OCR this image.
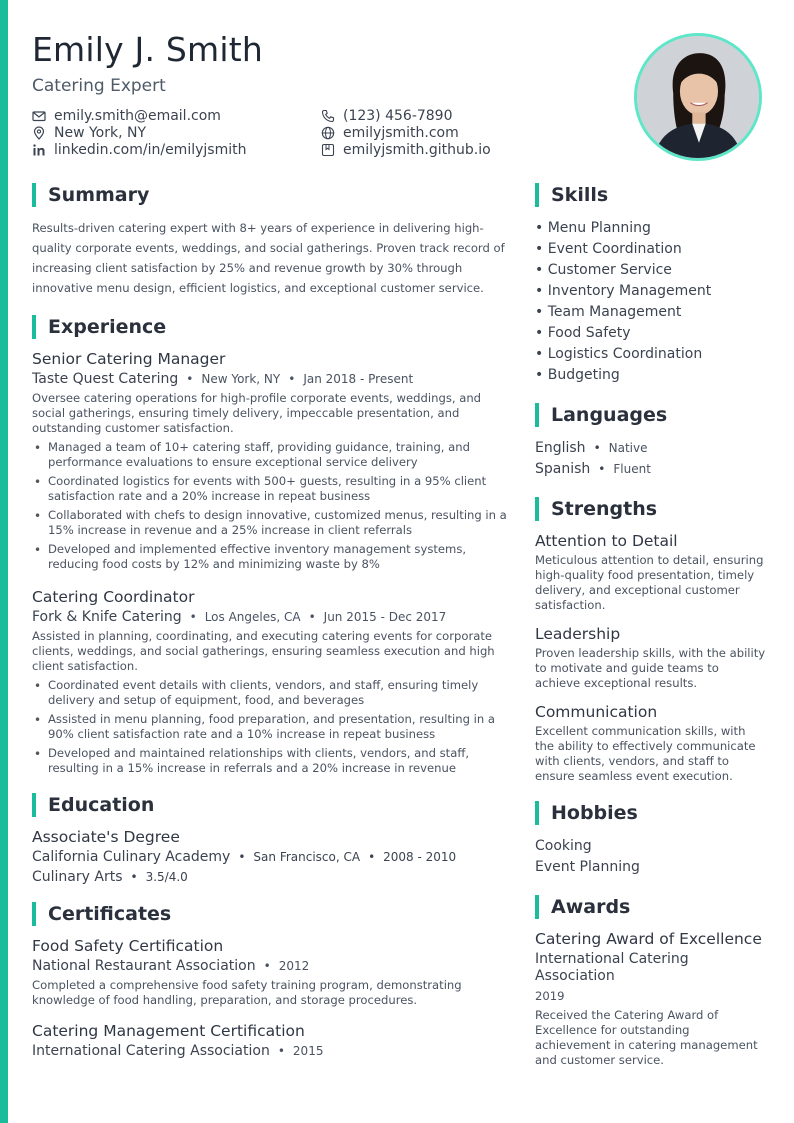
Emily J. Smith
Catering Expert
emily.smith@email.com
New York, NY
linkedin.com/in/emilyjsmith
(123) 456-7890
emilyjsmith.com
emilyjsmith.github.io
Summary

Results-driven catering expert with 8+ years of experience in delivering high-quality corporate events, weddings, and social gatherings. Proven track record of increasing client satisfaction by 25% and revenue growth by 30% through innovative menu design, efficient logistics, and exceptional customer service.

Experience
Senior Catering Manager
Taste Quest Catering • New York, NY • Jan 2018 - Present

Oversee catering operations for high-profile corporate events, weddings, and social gatherings, ensuring timely delivery, impeccable presentation, and outstanding customer satisfaction.

• Managed a team of 10+ catering staff, providing guidance, training, and performance evaluations to ensure exceptional service delivery
• Coordinated logistics for events with 500+ guests, resulting in a 95% client satisfaction rate and a 20% increase in repeat business
• Collaborated with chefs to design innovative, customized menus, resulting in a 15% increase in revenue and a 25% increase in client referrals
• Developed and implemented effective inventory management systems, reducing food costs by 12% and minimizing waste by 8%
Catering Coordinator
Fork & Knife Catering • Los Angeles, CA • Jun 2015 - Dec 2017

Assisted in planning, coordinating, and executing catering events for corporate clients, weddings, and social gatherings, ensuring seamless execution and high client satisfaction.

• Coordinated event details with clients, vendors, and staff, ensuring timely delivery and setup of equipment, food, and beverages
• Assisted in menu planning, food preparation, and presentation, resulting in a 90% client satisfaction rate and a 10% increase in repeat business
• Developed and maintained relationships with clients, vendors, and staff, resulting in a 15% increase in referrals and a 20% increase in revenue
Education
Associate's Degree
California Culinary Academy • San Francisco, CA • 2008 - 2010
Culinary Arts • 3.5/4.0
Certificates
Food Safety Certification
National Restaurant Association • 2012

Completed a comprehensive food safety training program, demonstrating knowledge of food handling, preparation, and storage procedures.

Catering Management Certification
International Catering Association • 2015
Skills
• Menu Planning
• Event Coordination
• Customer Service
• Inventory Management
• Team Management
• Food Safety
• Logistics Coordination
• Budgeting
Languages
English • Native
Spanish • Fluent
Strengths
Attention to Detail

Meticulous attention to detail, ensuring high-quality food presentation, timely delivery, and exceptional customer satisfaction.

Leadership

Proven leadership skills, with the ability to motivate and guide teams to achieve exceptional results.

Communication

Excellent communication skills, with the ability to effectively communicate with clients, vendors, and staff to ensure seamless event execution.

Hobbies
Cooking
Event Planning
Awards
Catering Award of Excellence
International Catering Association
2019

Received the Catering Award of Excellence for outstanding achievement in catering management and customer service.
